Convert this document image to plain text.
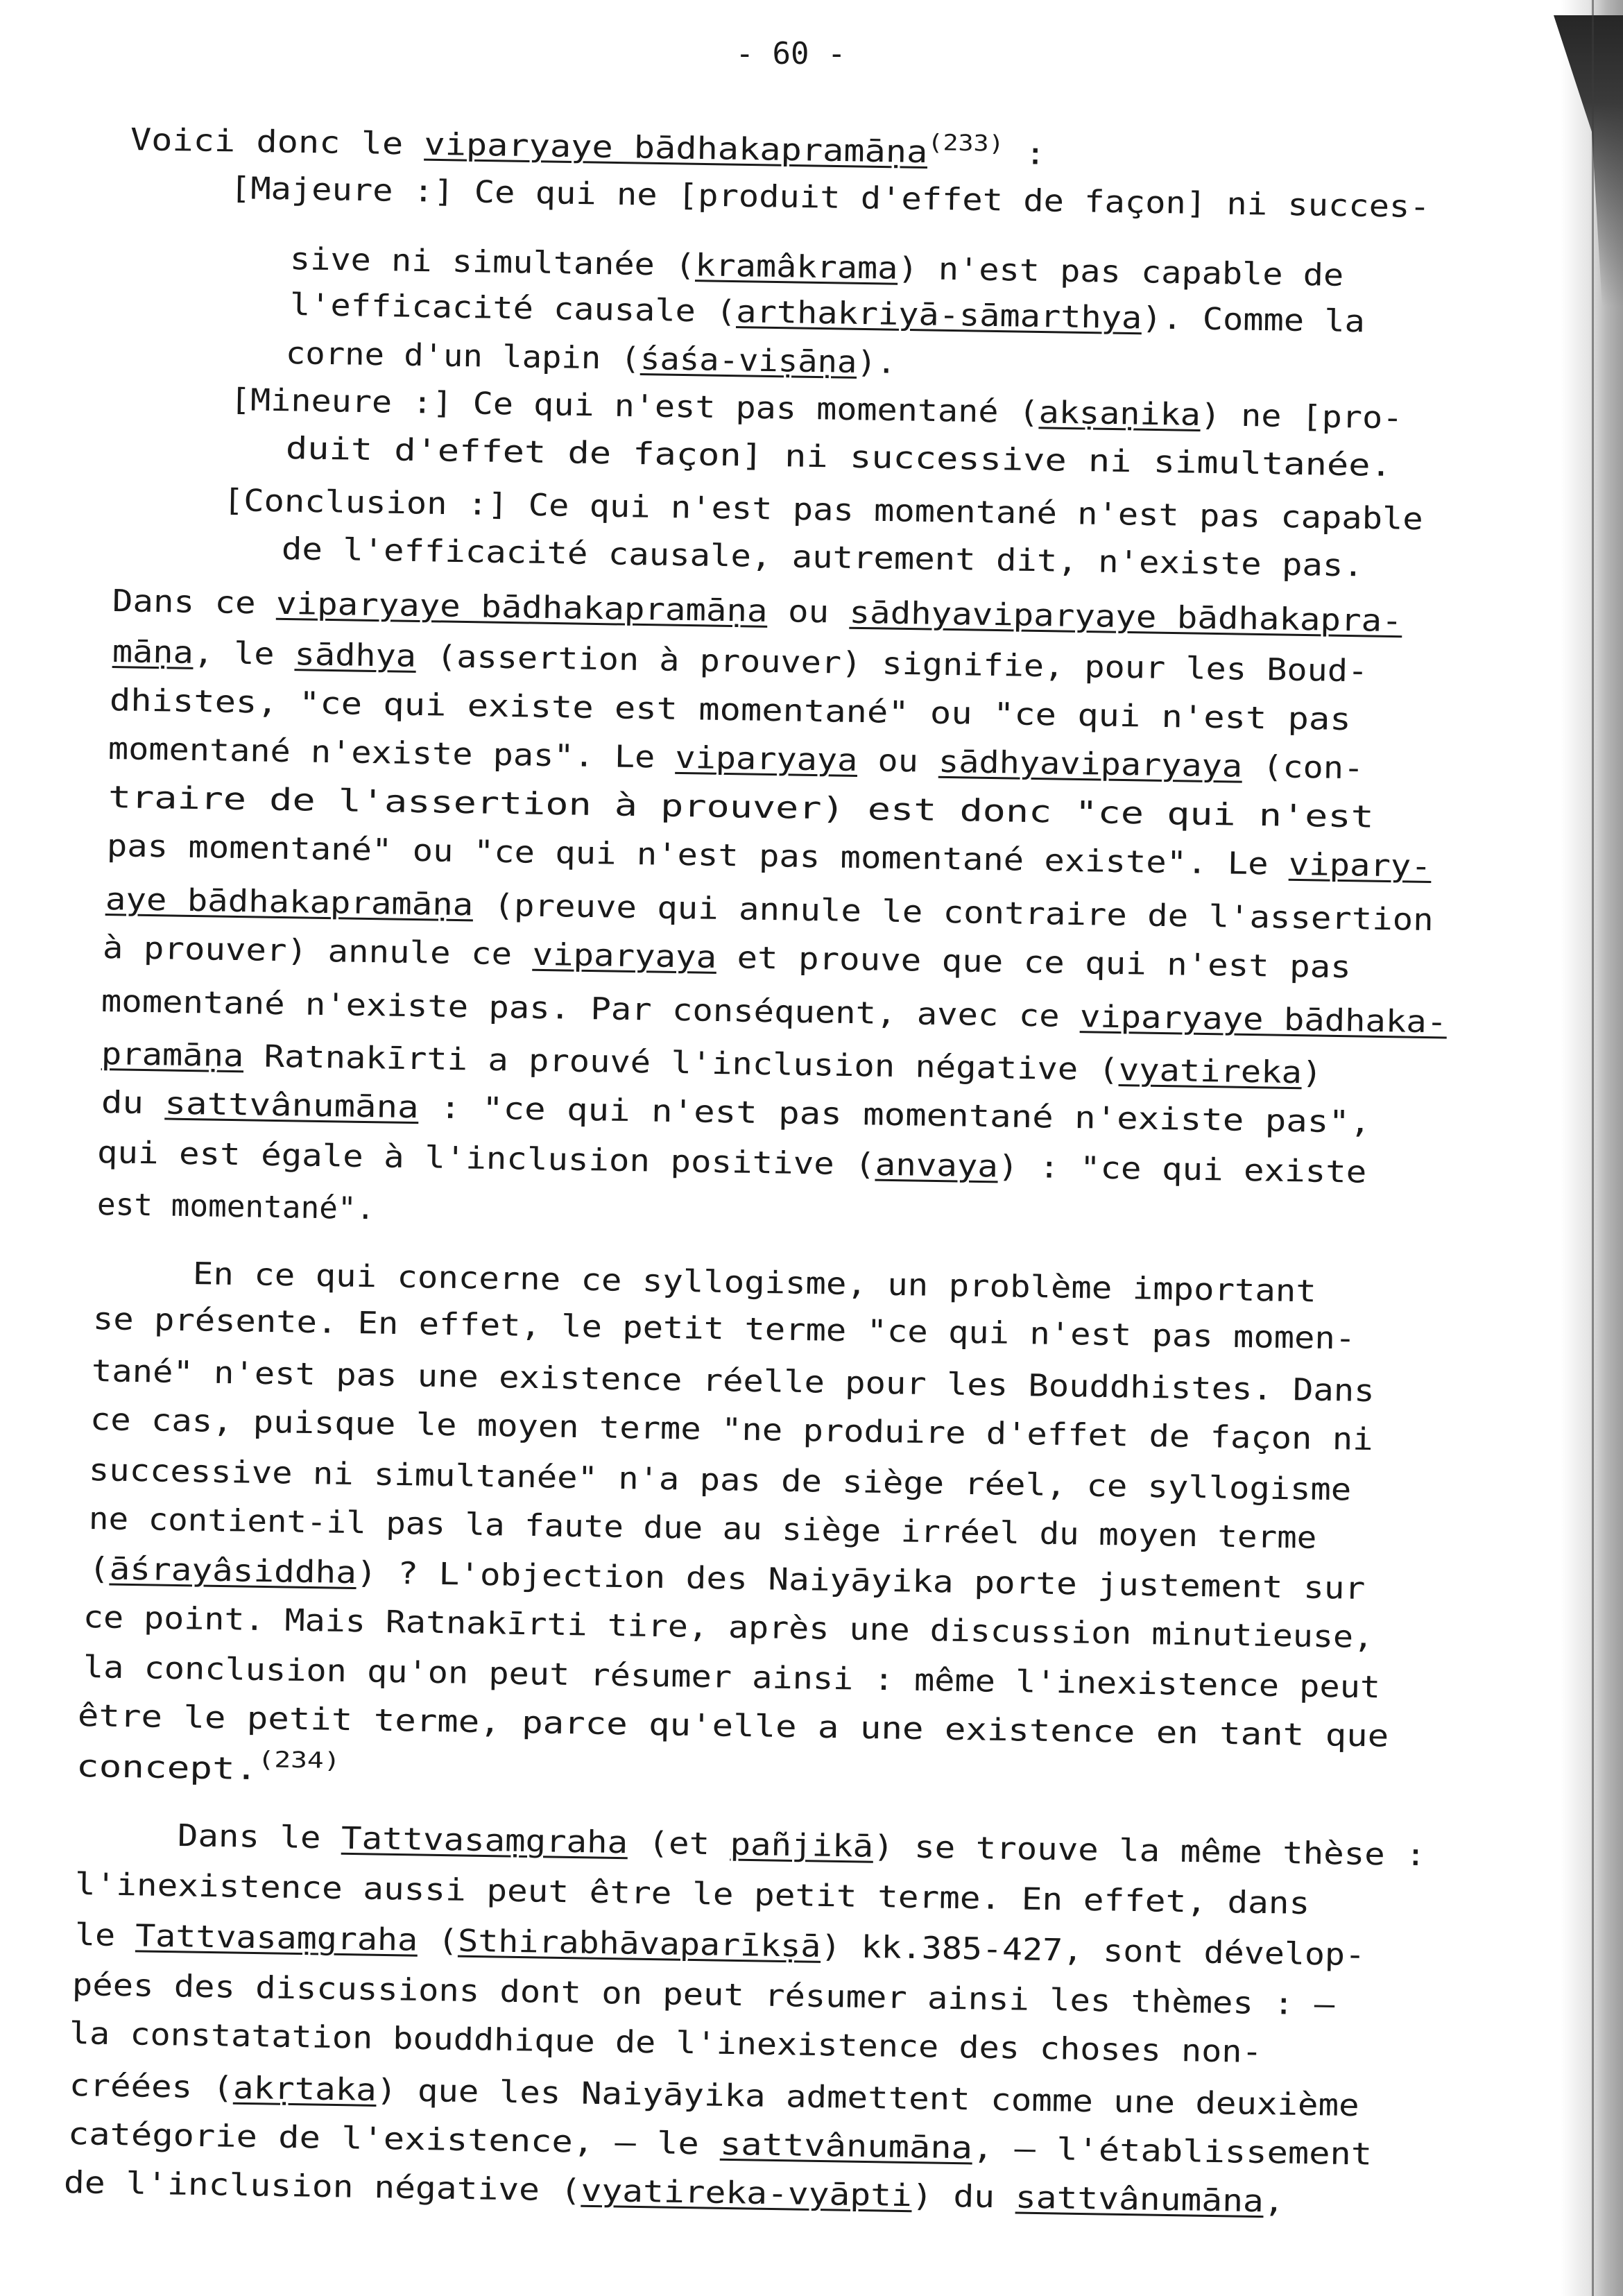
- 60 -
Voici donc le viparyaye bādhakapramāṇa$^{(233)}$ :
[Majeure :] Ce qui ne [produit d'effet de façon] ni succes-
sive ni simultanée (kramâkrama) n'est pas capable de
l'efficacité causale (arthakriyā-sāmarthya). Comme la
corne d'un lapin (śaśa-viṣāṇa).
[Mineure :] Ce qui n'est pas momentané (akṣaṇika) ne [pro-
duit d'effet de façon] ni successive ni simultanée.
[Conclusion :] Ce qui n'est pas momentané n'est pas capable
de l'efficacité causale, autrement dit, n'existe pas.
Dans ce viparyaye bādhakapramāṇa ou sādhyaviparyaye bādhakapra-
māṇa, le sādhya (assertion à prouver) signifie, pour les Boud-
dhistes, "ce qui existe est momentané" ou "ce qui n'est pas
momentané n'existe pas". Le viparyaya ou sādhyaviparyaya (con-
traire de l'assertion à prouver) est donc "ce qui n'est
pas momentané" ou "ce qui n'est pas momentané existe". Le vipary-
aye bādhakapramāṇa (preuve qui annule le contraire de l'assertion
à prouver) annule ce viparyaya et prouve que ce qui n'est pas
momentané n'existe pas. Par conséquent, avec ce viparyaye bādhaka-
pramāṇa Ratnakīrti a prouvé l'inclusion négative (vyatireka)
du sattvânumāna : "ce qui n'est pas momentané n'existe pas",
qui est égale à l'inclusion positive (anvaya) : "ce qui existe
est momentané".
En ce qui concerne ce syllogisme, un problème important
se présente. En effet, le petit terme "ce qui n'est pas momen-
tané" n'est pas une existence réelle pour les Bouddhistes. Dans
ce cas, puisque le moyen terme "ne produire d'effet de façon ni
successive ni simultanée" n'a pas de siège réel, ce syllogisme
ne contient-il pas la faute due au siège irréel du moyen terme
(āśrayâsiddha) ? L'objection des Naiyāyika porte justement sur
ce point. Mais Ratnakīrti tire, après une discussion minutieuse,
la conclusion qu'on peut résumer ainsi : même l'inexistence peut
être le petit terme, parce qu'elle a une existence en tant que
concept.$^{(234)}$
Dans le Tattvasaṃgraha (et pañjikā) se trouve la même thèse :
l'inexistence aussi peut être le petit terme. En effet, dans
le Tattvasaṃgraha (Sthirabhāvaparīkṣā) kk.385-427, sont dévelop-
pées des discussions dont on peut résumer ainsi les thèmes : —
la constatation bouddhique de l'inexistence des choses non-
créées (akṛtaka) que les Naiyāyika admettent comme une deuxième
catégorie de l'existence, — le sattvânumāna, — l'établissement
de l'inclusion négative (vyatireka-vyāpti) du sattvânumāna,
